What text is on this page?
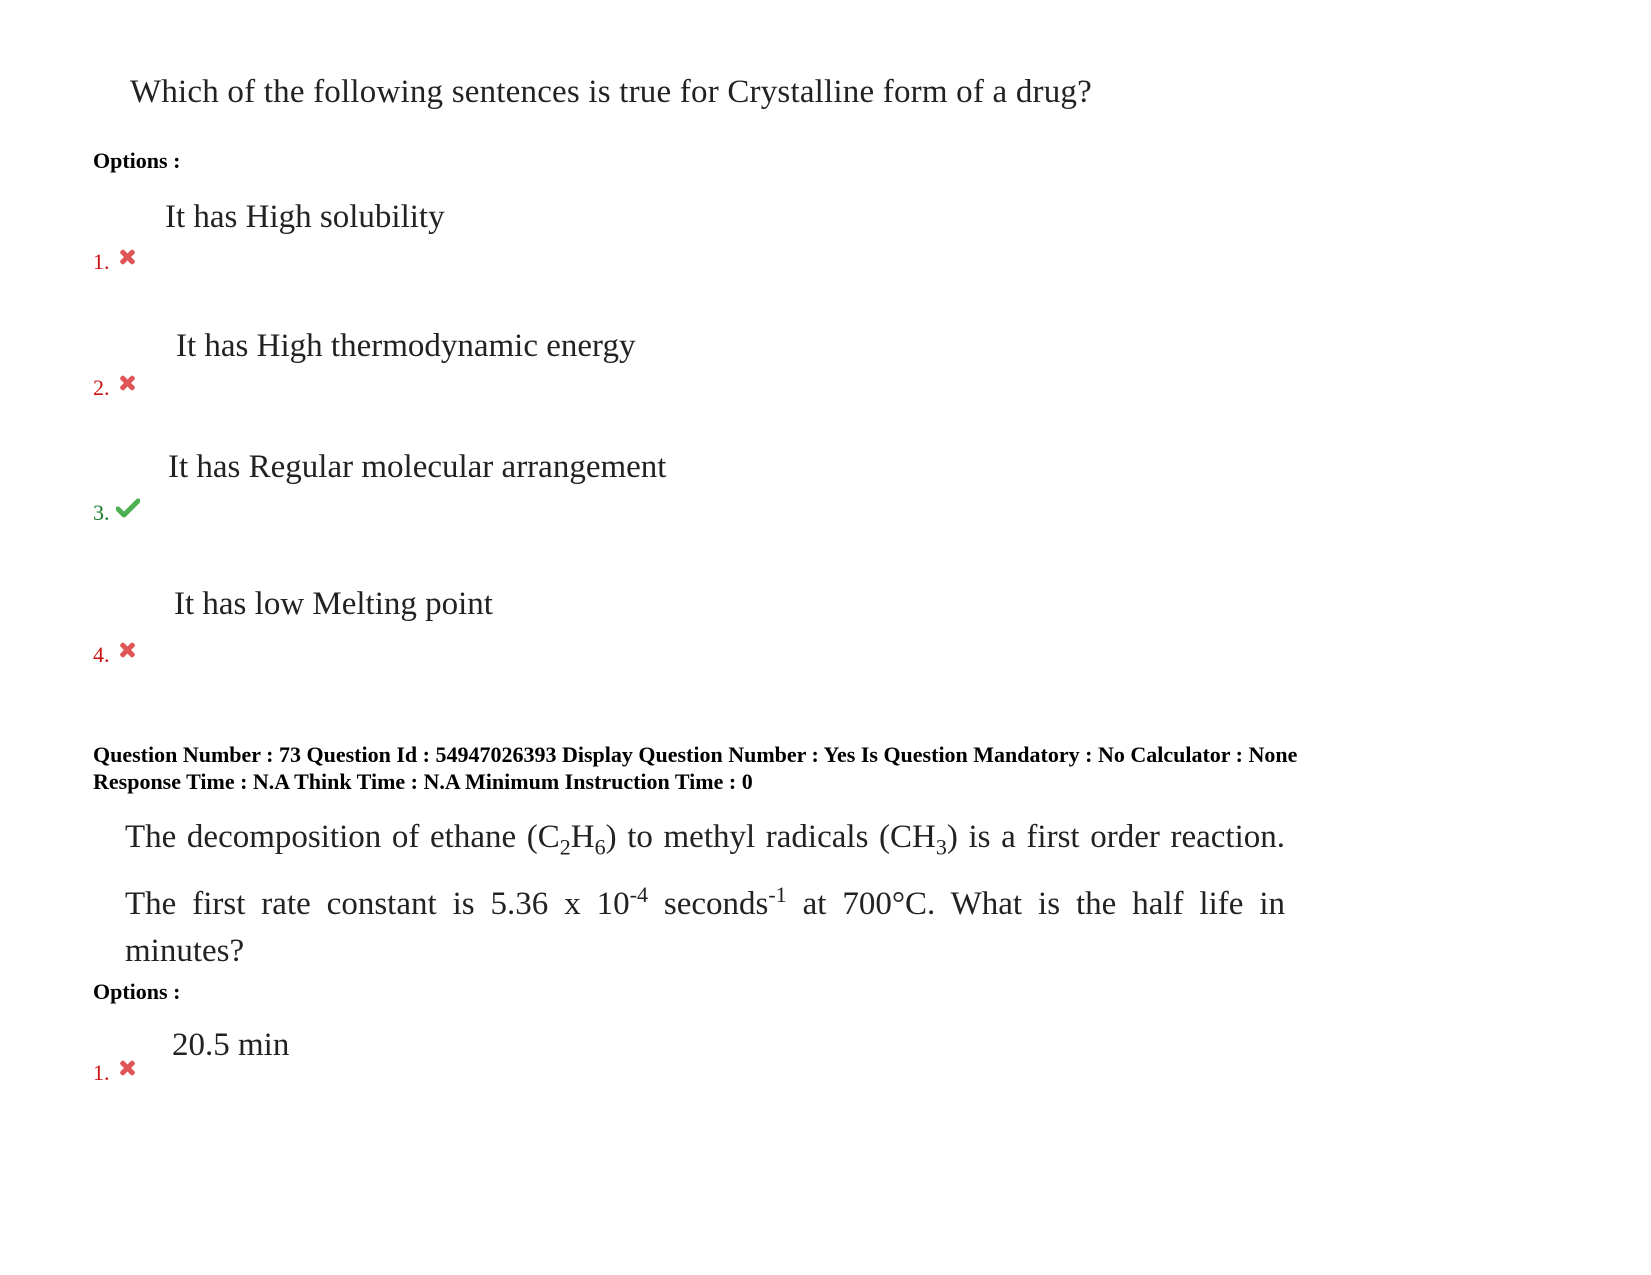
Which of the following sentences is true for Crystalline form of a drug?
Options :
It has High solubility
1.
It has High thermodynamic energy
2.
It has Regular molecular arrangement
3.
It has low Melting point
4.
Question Number : 73 Question Id : 54947026393 Display Question Number : Yes Is Question Mandatory : No Calculator : None
Response Time : N.A Think Time : N.A Minimum Instruction Time : 0
The decomposition of ethane $(C_2H_6)$ to methyl radicals $(CH_3)$ is a first order reaction. The first rate constant is 5.36 x $10^{-4}$ seconds$^{-1}$ at 700°C. What is the half life in minutes?
Options :
20.5 min
1.
